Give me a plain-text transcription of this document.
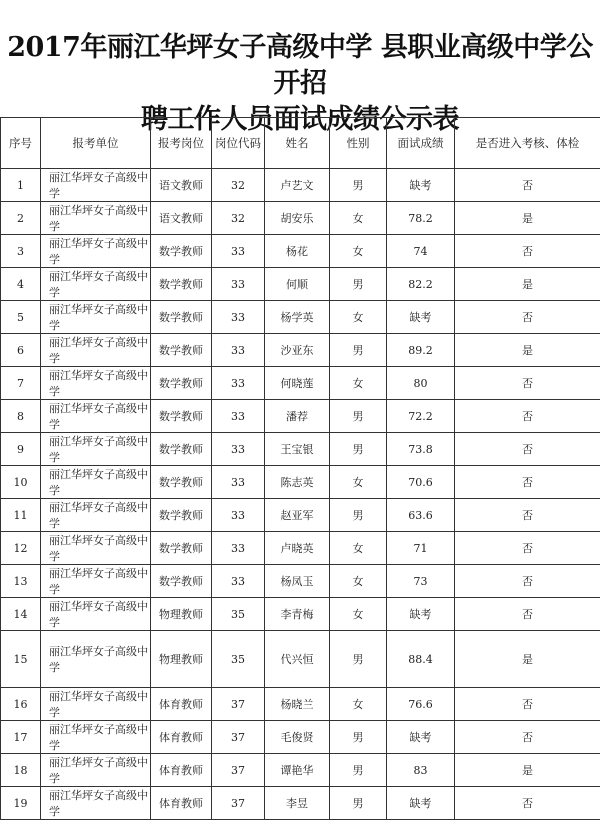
2017年丽江华坪女子高级中学 县职业高级中学公开招
聘工作人员面试成绩公示表
序号	报考单位	报考岗位	岗位代码	姓名	性别	面试成绩	是否进入考核、体检
1	丽江华坪女子高级中学	语文教师	32	卢艺文	男	缺考	否
2	丽江华坪女子高级中学	语文教师	32	胡安乐	女	78.2	是
3	丽江华坪女子高级中学	数学教师	33	杨花	女	74	否
4	丽江华坪女子高级中学	数学教师	33	何顺	男	82.2	是
5	丽江华坪女子高级中学	数学教师	33	杨学英	女	缺考	否
6	丽江华坪女子高级中学	数学教师	33	沙亚东	男	89.2	是
7	丽江华坪女子高级中学	数学教师	33	何晓莲	女	80	否
8	丽江华坪女子高级中学	数学教师	33	潘荐	男	72.2	否
9	丽江华坪女子高级中学	数学教师	33	王宝银	男	73.8	否
10	丽江华坪女子高级中学	数学教师	33	陈志英	女	70.6	否
11	丽江华坪女子高级中学	数学教师	33	赵亚军	男	63.6	否
12	丽江华坪女子高级中学	数学教师	33	卢晓英	女	71	否
13	丽江华坪女子高级中学	数学教师	33	杨凤玉	女	73	否
14	丽江华坪女子高级中学	物理教师	35	李青梅	女	缺考	否
15	丽江华坪女子高级中学	物理教师	35	代兴恒	男	88.4	是
16	丽江华坪女子高级中学	体育教师	37	杨晓兰	女	76.6	否
17	丽江华坪女子高级中学	体育教师	37	毛俊贤	男	缺考	否
18	丽江华坪女子高级中学	体育教师	37	谭艳华	男	83	是
19	丽江华坪女子高级中学	体育教师	37	李昱	男	缺考	否
